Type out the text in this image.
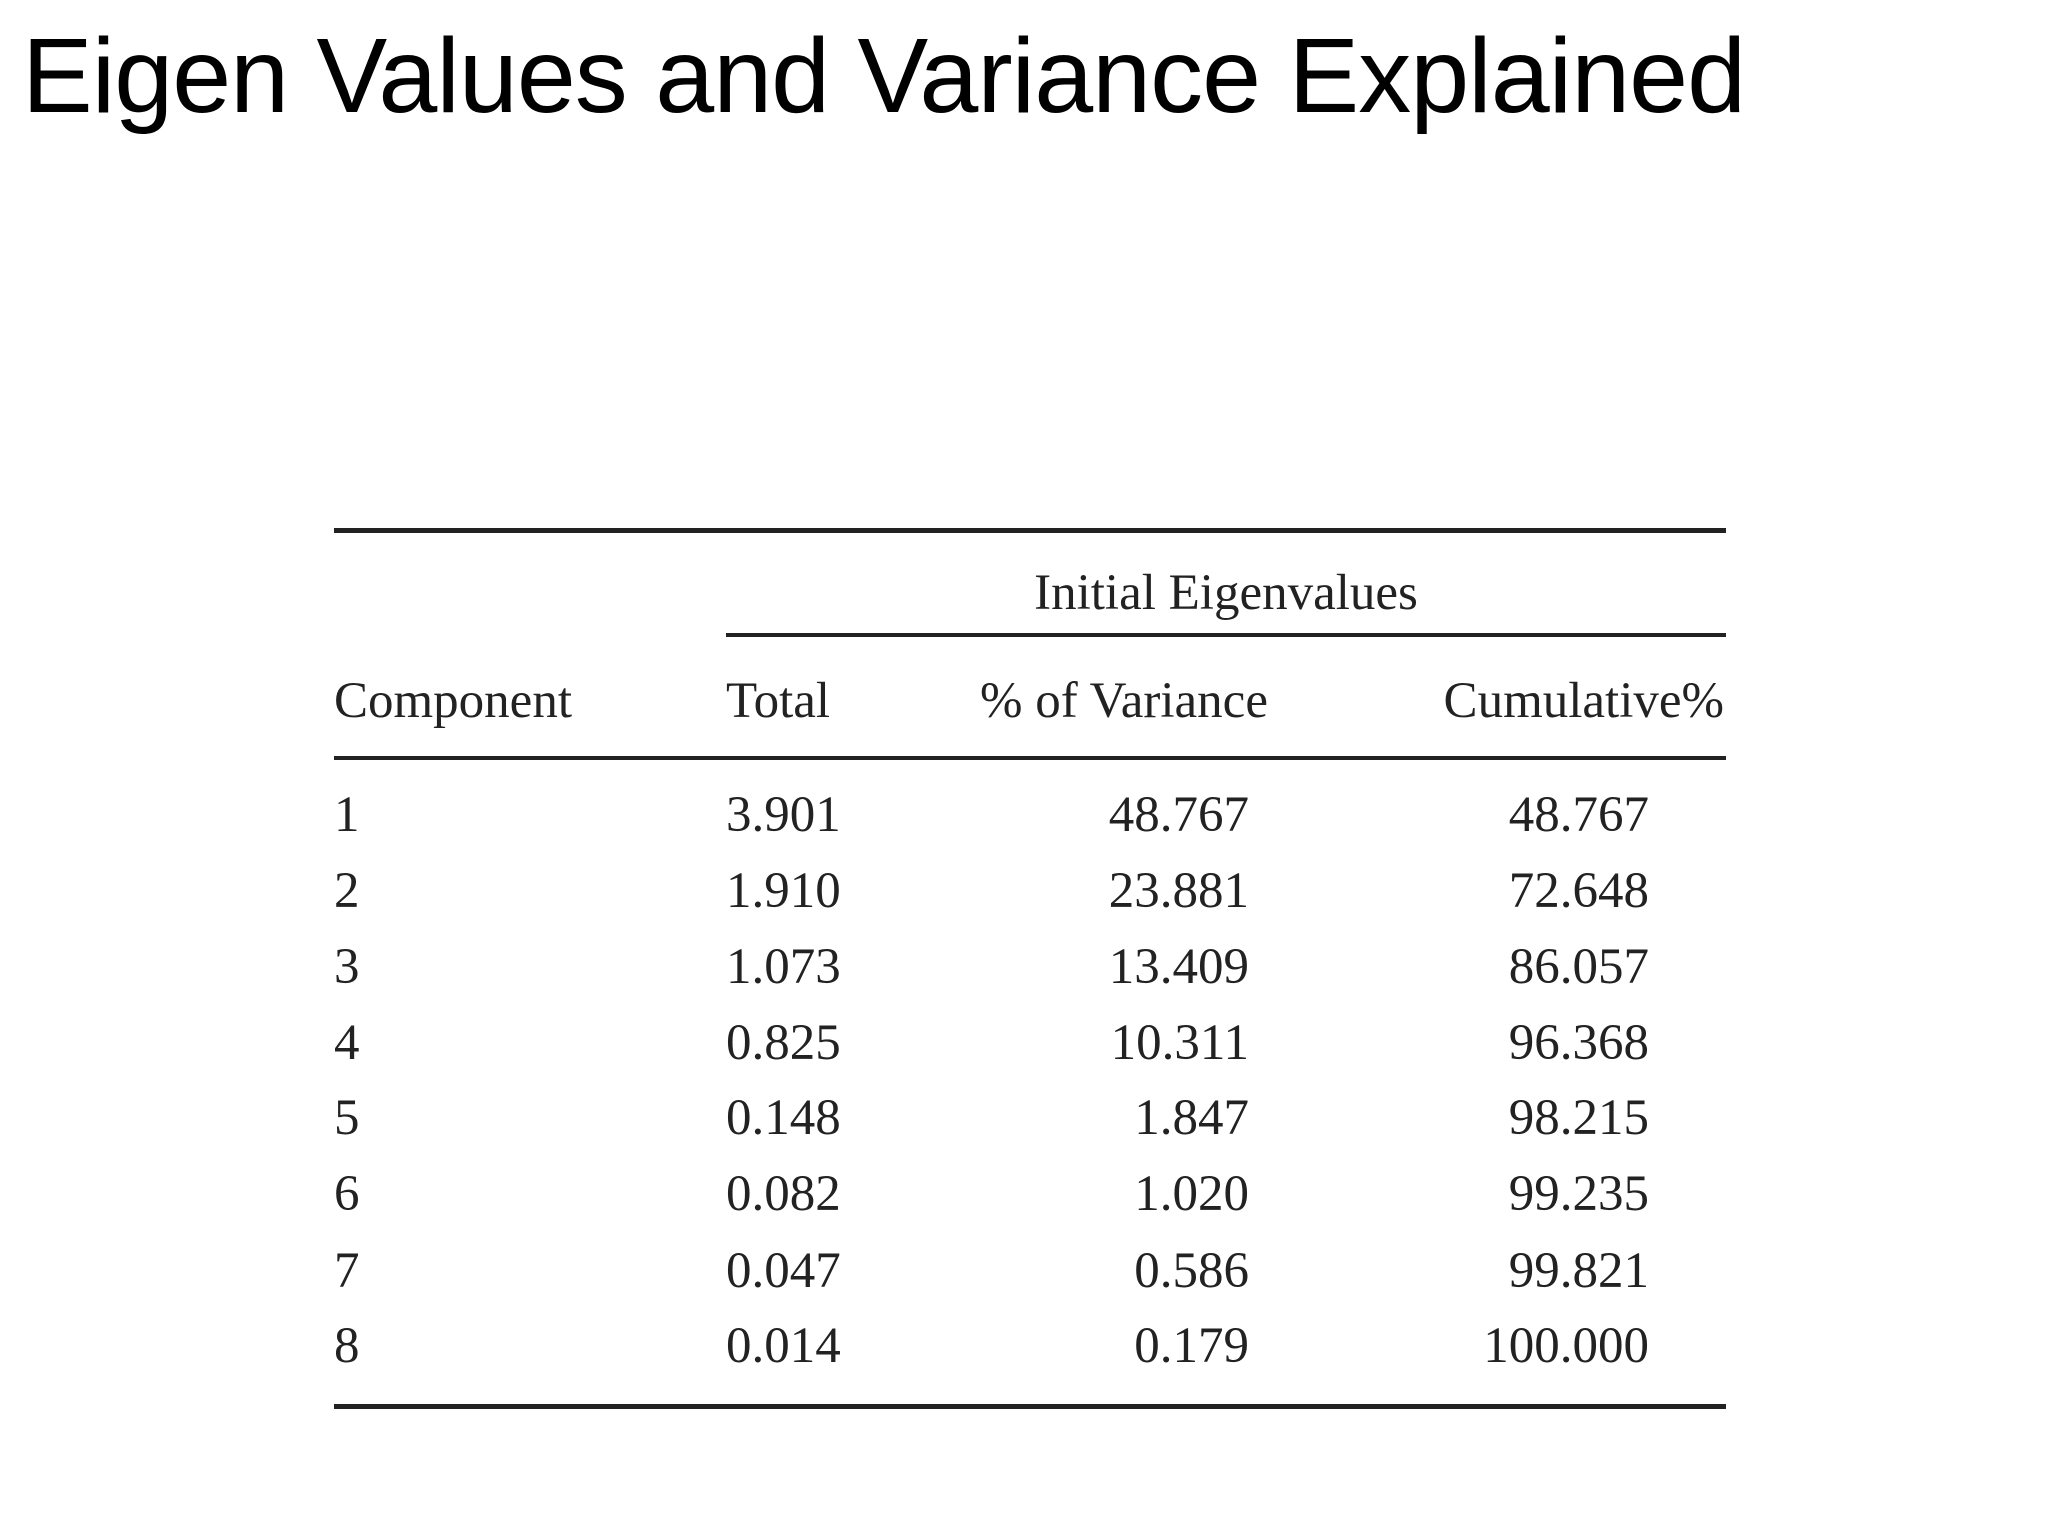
Eigen Values and Variance Explained
Initial Eigenvalues
Component	Total	% of Variance	Cumulative%
1	3.901	48.767	48.767
2	1.910	23.881	72.648
3	1.073	13.409	86.057
4	0.825	10.311	96.368
5	0.148	1.847	98.215
6	0.082	1.020	99.235
7	0.047	0.586	99.821
8	0.014	0.179	100.000
